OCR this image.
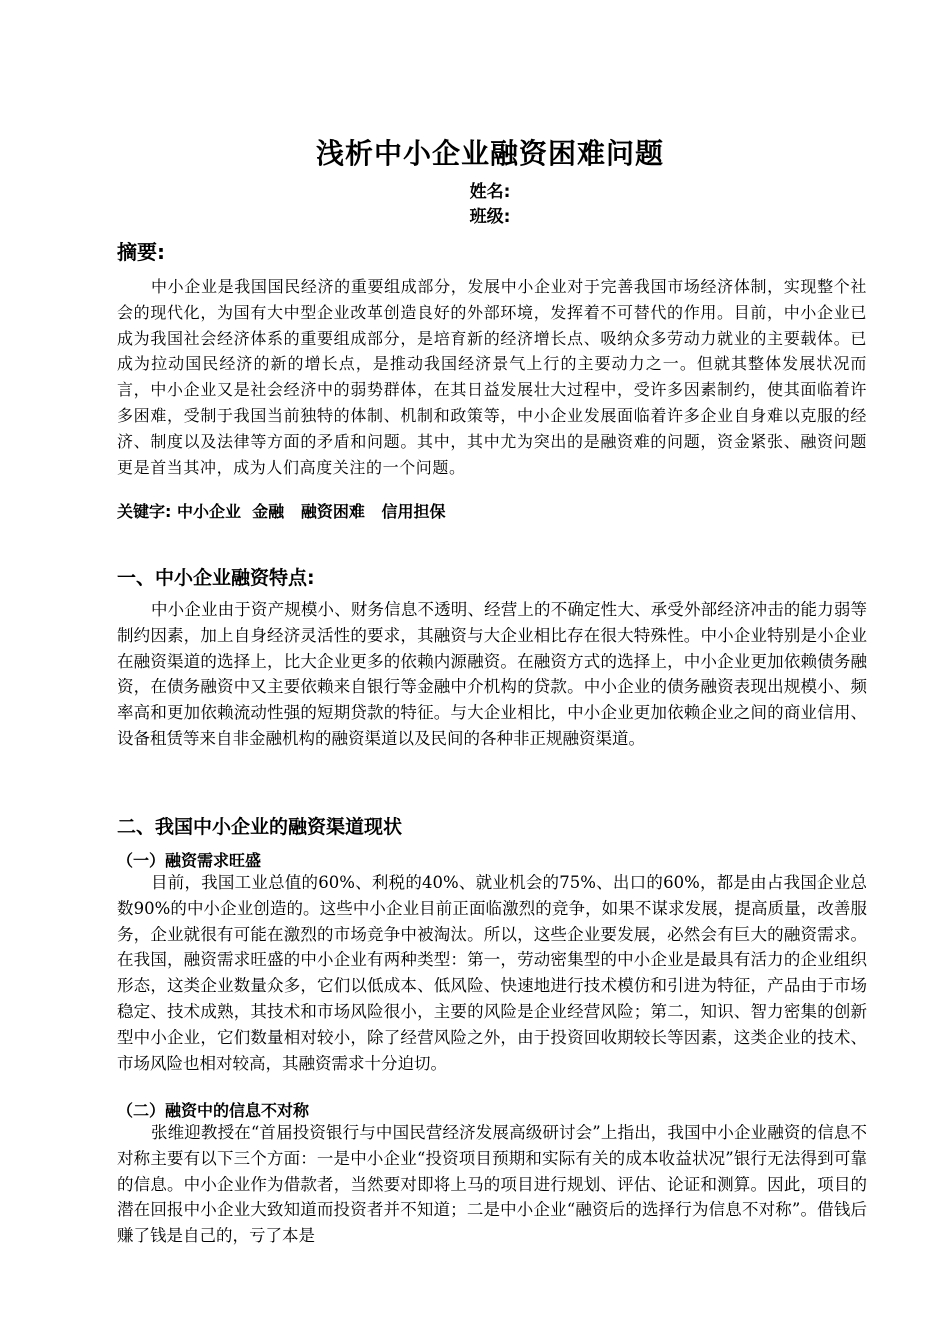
浅析中小企业融资困难问题
姓名:
班级:
摘要:
中小企业是我国国民经济的重要组成部分，发展中小企业对于完善我国市场经济体制，实现整个社会的现代化，为国有大中型企业改革创造良好的外部环境，发挥着不可替代的作用。目前，中小企业已成为我国社会经济体系的重要组成部分，是培育新的经济增长点、吸纳众多劳动力就业的主要载体。已成为拉动国民经济的新的增长点，是推动我国经济景气上行的主要动力之一。但就其整体发展状况而言，中小企业又是社会经济中的弱势群体，在其日益发展壮大过程中，受许多因素制约，使其面临着许多困难，受制于我国当前独特的体制、机制和政策等，中小企业发展面临着许多企业自身难以克服的经济、制度以及法律等方面的矛盾和问题。其中，其中尤为突出的是融资难的问题，资金紧张、融资问题更是首当其冲，成为人们高度关注的一个问题。
关键字: 中小企业  金融   融资困难   信用担保
一、中小企业融资特点:
中小企业由于资产规模小、财务信息不透明、经营上的不确定性大、承受外部经济冲击的能力弱等制约因素，加上自身经济灵活性的要求，其融资与大企业相比存在很大特殊性。中小企业特别是小企业在融资渠道的选择上，比大企业更多的依赖内源融资。在融资方式的选择上，中小企业更加依赖债务融资，在债务融资中又主要依赖来自银行等金融中介机构的贷款。中小企业的债务融资表现出规模小、频率高和更加依赖流动性强的短期贷款的特征。与大企业相比，中小企业更加依赖企业之间的商业信用、设备租赁等来自非金融机构的融资渠道以及民间的各种非正规融资渠道。
二、我国中小企业的融资渠道现状
（一）融资需求旺盛
目前，我国工业总值的60%、利税的40%、就业机会的75%、出口的60%，都是由占我国企业总数90%的中小企业创造的。这些中小企业目前正面临激烈的竞争，如果不谋求发展，提高质量，改善服务，企业就很有可能在激烈的市场竞争中被淘汰。所以，这些企业要发展，必然会有巨大的融资需求。在我国，融资需求旺盛的中小企业有两种类型：第一，劳动密集型的中小企业是最具有活力的企业组织形态，这类企业数量众多，它们以低成本、低风险、快速地进行技术模仿和引进为特征，产品由于市场稳定、技术成熟，其技术和市场风险很小，主要的风险是企业经营风险；第二，知识、智力密集的创新型中小企业，它们数量相对较小，除了经营风险之外，由于投资回收期较长等因素，这类企业的技术、市场风险也相对较高，其融资需求十分迫切。
（二）融资中的信息不对称
张维迎教授在“首届投资银行与中国民营经济发展高级研讨会”上指出，我国中小企业融资的信息不对称主要有以下三个方面：一是中小企业“投资项目预期和实际有关的成本收益状况”银行无法得到可靠的信息。中小企业作为借款者，当然要对即将上马的项目进行规划、评估、论证和测算。因此，项目的潜在回报中小企业大致知道而投资者并不知道；二是中小企业“融资后的选择行为信息不对称”。借钱后赚了钱是自己的，亏了本是
